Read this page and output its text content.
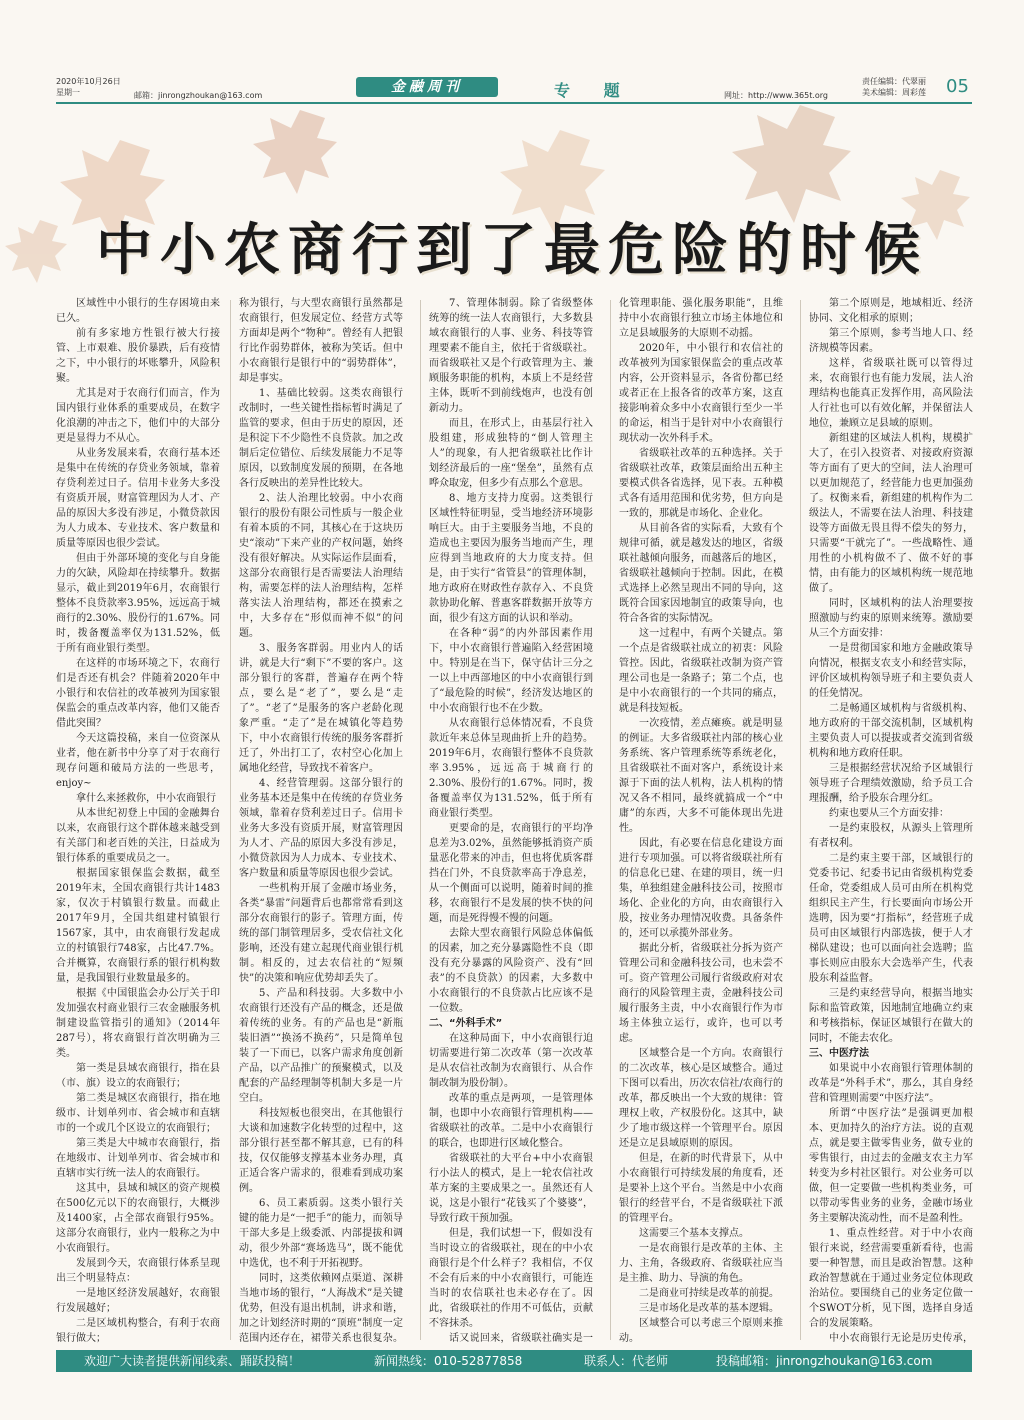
2020年10月26日
星期一	邮箱：jinrongzhoukan@163.com
金融周刊	专 题	网址：http://www.365t.org
责任编辑：代翠丽
美术编辑：周彩莲 05
中小农商行到了最危险的时候

区域性中小银行的生存困境由来已久。

前有多家地方性银行被大行接管、上市艰难、股价暴跌，后有疫情之下，中小银行的坏账攀升，风险积聚。

尤其是对于农商行们而言，作为国内银行业体系的重要成员，在数字化浪潮的冲击之下，他们中的大部分更是显得力不从心。

从业务发展来看，农商行基本还是集中在传统的存贷业务领域，靠着存贷利差过日子。信用卡业务大多没有资质开展，财富管理因为人才、产品的原因大多没有涉足，小微贷款因为人力成本、专业技术、客户数量和质量等原因也很少尝试。

但由于外部环境的变化与自身能力的欠缺，风险却在持续攀升。数据显示，截止到2019年6月，农商银行整体不良贷款率3.95%，远远高于城商行的2.30%、股份行的1.67%。同时，拨备覆盖率仅为131.52%，低于所有商业银行类型。

在这样的市场环境之下，农商行们是否还有机会？伴随着2020年中小银行和农信社的改革被列为国家银保监会的重点改革内容，他们又能否借此突围？

今天这篇投稿，来自一位资深从业者，他在新书中分享了对于农商行现存问题和破局方法的一些思考，enjoy~

拿什么来拯救你，中小农商银行

从本世纪初登上中国的金融舞台以来，农商银行这个群体越来越受到有关部门和老百姓的关注，日益成为银行体系的重要成员之一。

根据国家银保监会数据，截至2019年末，全国农商银行共计1483家，仅次于村镇银行数量。而截止2017年9月，全国共组建村镇银行1567家，其中，由农商银行发起成立的村镇银行748家，占比47.7%。合并概算，农商银行系的银行机构数量，是我国银行业数量最多的。

根据《中国银监会办公厅关于印发加强农村商业银行三农金融服务机制建设监管指引的通知》（2014年287号），将农商银行首次明确为三类。

第一类是县域农商银行，指在县（市、旗）设立的农商银行；

第二类是城区农商银行，指在地级市、计划单列市、省会城市和直辖市的一个或几个区设立的农商银行；

第三类是大中城市农商银行，指在地级市、计划单列市、省会城市和直辖市实行统一法人的农商银行。

这其中，县域和城区的资产规模在500亿元以下的农商银行，大概涉及1400家，占全部农商银行95%。这部分农商银行，业内一般称之为中小农商银行。

发展到今天，农商银行体系呈现出三个明显特点：

一是地区经济发展越好，农商银行发展越好；

二是区域机构整合，有利于农商银行做大；

称为银行，与大型农商银行虽然都是农商银行，但发展定位、经营方式等方面却是两个“物种”。曾经有人把银行比作弱势群体，被称为笑话。但中小农商银行是银行中的“弱势群体”，却是事实。

1、基础比较弱。这类农商银行改制时，一些关键性指标暂时满足了监管的要求，但由于历史的原因，还是积淀下不少隐性不良贷款。加之改制后定位错位、后续发展能力不足等原因，以致制度发展的预期，在各地各行反映出的差异性比较大。

2、法人治理比较弱。中小农商银行的股份有限公司性质与一般企业有着本质的不同，其核心在于这块历史“滚动”下来产业的产权问题，始终没有很好解决。从实际运作层面看，这部分农商银行是否需要法人治理结构，需要怎样的法人治理结构，怎样落实法人治理结构，都还在摸索之中，大多存在“形似而神不似”的问题。

3、服务客群弱。用业内人的话讲，就是大行“剩下”不要的客户。这部分银行的客群，普遍存在两个特点，要么是“老了”，要么是“走了”。“老了”是服务的客户老龄化现象严重。“走了”是在城镇化等趋势下，中小农商银行传统的服务客群折迁了，外出打工了，农村空心化加上属地化经营，导致找不着客户。

4、经营管理弱。这部分银行的业务基本还是集中在传统的存贷业务领域，靠着存贷利差过日子。信用卡业务大多没有资质开展，财富管理因为人才、产品的原因大多没有涉足，小微贷款因为人力成本、专业技术、客户数量和质量等原因也很少尝试。

一些机构开展了金融市场业务，各类“暴雷”问题背后也都常常看到这部分农商银行的影子。管理方面，传统的部门制管理居多，受农信社文化影响，还没有建立起现代商业银行机制。相反的，过去农信社的“短频快”的决策和响应优势却丢失了。

5、产品和科技弱。大多数中小农商银行还没有产品的概念，还是做着传统的业务。有的产品也是“新瓶装旧酒”“换汤不换药”，只是简单包装了一下而已，以客户需求角度创新产品，以产品推广的预聚模式，以及配套的产品经理制等机制大多是一片空白。

科技短板也很突出，在其他银行大谈和加速数字化转型的过程中，这部分银行甚至都不解其意，已有的科技，仅仅能够支撑基本业务办理，真正适合客户需求的，很难看到成功案例。

6、员工素质弱。这类小银行关键的能力是“一把手”的能力，而领导干部大多是上级委派、内部提拔和调动，很少外部“赛场选马”，既不能优中选优，也不利于开拓视野。

同时，这类依赖网点渠道、深耕当地市场的银行，“人海战术”是关键优势，但没有退出机制，讲求和谐，加之计划经济时期的“顶班”制度一定范围内还存在，裙带关系也很复杂。

7、管理体制弱。除了省级整体统筹的统一法人农商银行，大多数县域农商银行的人事、业务、科技等管理要素不能自主，依托于省级联社。而省级联社又是个行政管理为主、兼顾服务职能的机构，本质上不是经营主体，既听不到前线炮声，也没有创新动力。

而且，在形式上，由基层行社入股组建，形成独特的“倒人管理主人”的现象，有人把省级联社比作计划经济最后的一座“堡垒”，虽然有点哗众取宠，但多少有点那么个意思。

8、地方支持力度弱。这类银行区域性特征明显，受当地经济环境影响巨大。由于主要服务当地，不良的造成也主要因为服务当地而产生，理应得到当地政府的大力度支持。但是，由于实行“省管县”的管理体制，地方政府在财政性存款存入、不良贷款协助化解、普惠客群数据开放等方面，很少有这方面的认识和举动。

在各种“弱”的内外部因素作用下，中小农商银行普遍陷入经营困境中。特别是在当下，保守估计三分之一以上中西部地区的中小农商银行到了“最危险的时候”，经济发达地区的中小农商银行也不在少数。

从农商银行总体情况看，不良贷款近年来总体呈现曲折上升的趋势。2019年6月，农商银行整体不良贷款率3.95%，远远高于城商行的2.30%、股份行的1.67%。同时，拨备覆盖率仅为131.52%，低于所有商业银行类型。

更要命的是，农商银行的平均净息差为3.02%，虽然能够抵消资产质量恶化带来的冲击，但也将优质客群挡在门外，不良贷款率高于净息差，从一个侧面可以说明，随着时间的推移，农商银行不是发展的快不快的问题，而是死得慢不慢的问题。

去除大型农商银行风险总体偏低的因素，加之充分暴露隐性不良（即没有充分暴露的风险资产、没有“回表”的不良贷款）的因素，大多数中小农商银行的不良贷款占比应该不是一位数。

二、“外科手术”

在这种局面下，中小农商银行迫切需要进行第二次改革（第一次改革是从农信社改制为农商银行、从合作制改制为股份制）。

改革的重点是两项，一是管理体制，也即中小农商银行管理机构——省级联社的改革。二是中小农商银行的联合，也即进行区域化整合。

省级联社的大平台+中小农商银行小法人的模式，是上一轮农信社改革方案的主要成果之一。虽然还有人说，这是小银行“花钱买了个婆婆”，导致行政干预加强。

但是，我们试想一下，假如没有当时设立的省级联社，现在的中小农商银行是个什么样子？我相信，不仅不会有后来的中小农商银行，可能连当时的农信联社也未必存在了。因此，省级联社的作用不可低估，贡献不容抹杀。

话又说回来，省级联社确实是一

化管理职能、强化服务职能”，且维持中小农商银行独立市场主体地位和立足县域服务的大原则不动摇。

2020年，中小银行和农信社的改革被列为国家银保监会的重点改革内容，公开资料显示，各省份都已经或者正在上报各省的改革方案，这直接影响着众多中小农商银行至少一半的命运，相当于是针对中小农商银行现状动一次外科手术。

省级联社改革的五种选择。关于省级联社改革，政策层面给出五种主要模式供各省选择，见下表。五种模式各有适用范围和优劣势，但方向是一致的，那就是市场化、企业化。

从目前各省的实际看，大致有个规律可循，就是越发达的地区，省级联社越倾向服务，而越落后的地区，省级联社越倾向于控制。因此，在模式选择上必然呈现出不同的导向，这既符合国家因地制宜的政策导向，也符合各省的实际情况。

这一过程中，有两个关键点。第一个点是省级联社成立的初衷：风险管控。因此，省级联社改制为资产管理公司也是一条路子；第二个点，也是中小农商银行的一个共同的痛点，就是科技短板。

一次疫情，差点瘫痪。就是明显的例证。大多省级联社内部的核心业务系统、客户管理系统等系统老化，且省级联社不面对客户，系统设计来源于下面的法人机构，法人机构的情况又各不相同，最终就搞成一个“中庸”的东西，大多不可能体现出先进性。

因此，有必要在信息化建设方面进行专项加强。可以将省级联社所有的信息化已建、在建的项目，统一归集，单独组建金融科技公司，按照市场化、企业化的方向，由农商银行入股，按业务办理情况收费。具备条件的，还可以承揽外部业务。

据此分析，省级联社分拆为资产管理公司和金融科技公司，也未尝不可。资产管理公司履行省级政府对农商行的风险管理主责，金融科技公司履行服务主责，中小农商银行作为市场主体独立运行，或许，也可以考虑。

区域整合是一个方向。农商银行的二次改革，核心是区域整合。通过下图可以看出，历次农信社/农商行的改革，都反映出一个大致的规律：管理权上收，产权股份化。这其中，缺少了地市级这样一个管理平台。原因还是立足县域原则的原因。

但是，在新的时代背景下，从中小农商银行可持续发展的角度看，还是要补上这个平台。当然是中小农商银行的经营平台，不是省级联社下派的管理平台。

这需要三个基本支撑点。

一是农商银行是改革的主体、主力、主角，各级政府、省级联社应当是主推、助力、导演的角色。

二是商业可持续是改革的前提。

三是市场化是改革的基本逻辑。

区域整合可以考虑三个原则来推动。

第二个原则是，地域相近、经济协同、文化相承的原则；

第三个原则，参考当地人口、经济规模等因素。

这样，省级联社既可以管得过来，农商银行也有能力发展，法人治理结构也能真正发挥作用，高风险法人行社也可以有效化解，并保留法人地位，兼顾立足县域的原则。

新组建的区域法人机构，规模扩大了，在引入投资者、对接政府资源等方面有了更大的空间，法人治理可以更加规范了，经营能力也更加强劲了。权衡来看，新组建的机构作为二级法人，不需要在法人治理、科技建设等方面做无畏且得不偿失的努力，只需要“干就完了”。一些战略性、通用性的小机构做不了、做不好的事情，由有能力的区域机构统一规范地做了。

同时，区域机构的法人治理要按照激励与约束的原则来统筹。激励要从三个方面安排：

一是贯彻国家和地方金融政策导向情况，根据支农支小和经营实际，评价区域机构领导班子和主要负责人的任免情况。

二是畅通区域机构与省级机构、地方政府的干部交流机制，区域机构主要负责人可以提拔或者交流到省级机构和地方政府任职。

三是根据经营状况给予区域银行领导班子合理绩效激励，给予员工合理报酬，给予股东合理分红。

约束也要从三个方面安排：

一是约束股权，从源头上管理所有者权利。

二是约束主要干部，区域银行的党委书记、纪委书记由省级机构党委任命，党委组成人员可由所在机构党组织民主产生，行长要面向市场公开选聘，因为要“打指标”，经营班子成员可由区域银行内部选拔，便于人才梯队建设；也可以面向社会选聘；监事长则应由股东大会选举产生，代表股东利益监督。

三是约束经营导向，根据当地实际和监管政策，因地制宜地确立约束和考核指标，保证区域银行在做大的同时，不能去农化。

三、中医疗法

如果说中小农商银行管理体制的改革是“外科手术”，那么，其自身经营和管理则需要“中医疗法”。

所谓“中医疗法”是强调更加根本、更加持久的治疗方法。说的直观点，就是要主做零售业务，做专业的零售银行，由过去的金融支农主力军转变为乡村社区银行。对公业务可以做，但一定要做一些机构类业务，可以带动零售业务的业务，金融市场业务主要解决流动性，而不是盈利性。

1、重点性经营。对于中小农商银行来说，经营需要重新看待，也需要一种智慧，而且是政治智慧。这种政治智慧就在于通过业务定位体现政治站位。要围绕自己的业务定位做一个SWOT分析，见下图，选择自身适合的发展策略。

中小农商银行无论是历史传承，

欢迎广大读者提供新闻线索、踊跃投稿！	新闻热线：010-52877858	联系人：代老师	投稿邮箱：jinrongzhoukan@163.com
